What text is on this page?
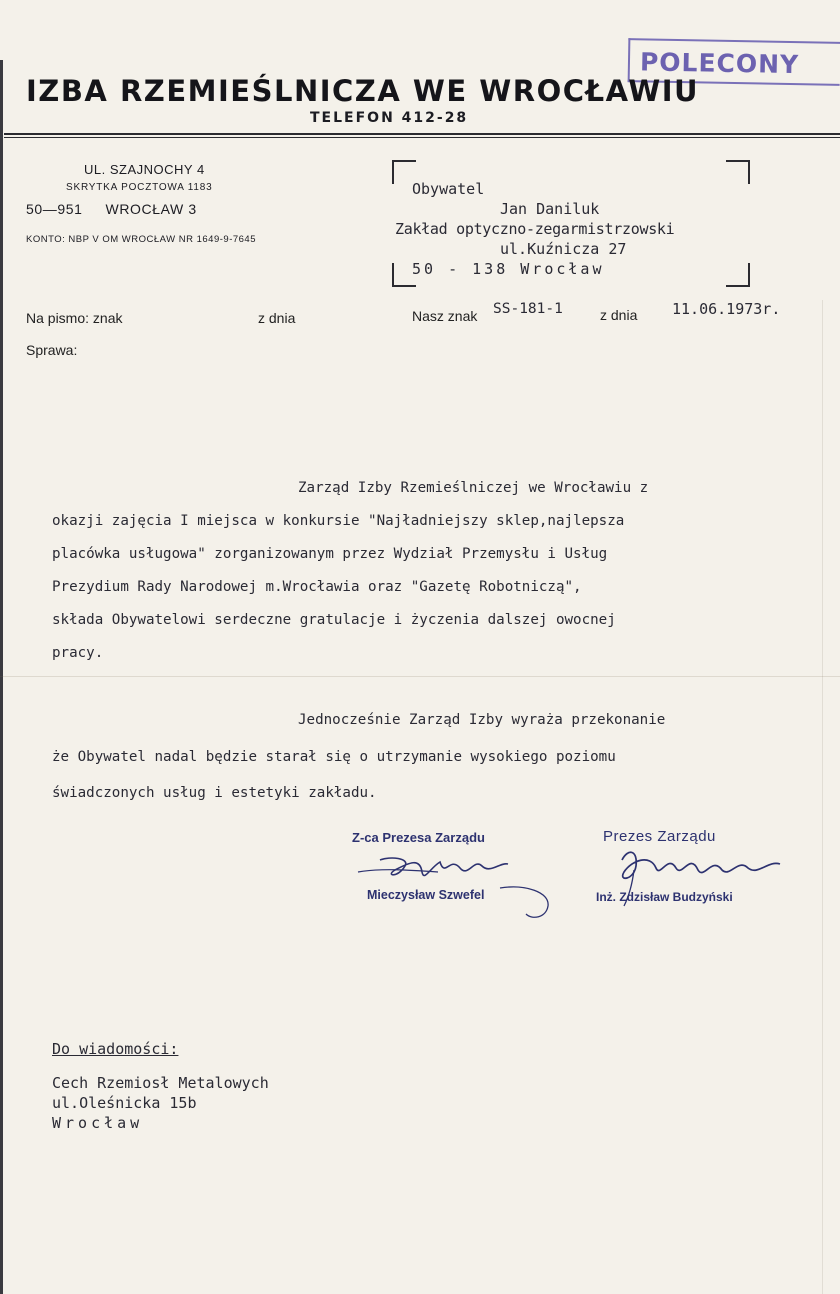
POLECONY
IZBA RZEMIEŚLNICZA WE WROCŁAWIU
TELEFON 412-28
UL. SZAJNOCHY 4
SKRYTKA POCZTOWA 1183
50—951 WROCŁAW 3
KONTO: NBP V OM WROCŁAW NR 1649-9-7645
Obywatel
Jan Daniluk
Zakład optyczno-zegarmistrzowski
ul.Kuźnicza 27
50 - 138 Wrocław
Na pismo: znak	z dnia	Nasz znak SS-181-1	z dnia 11.06.1973r.
Sprawa:
Zarząd Izby Rzemieślniczej we Wrocławiu z
okazji zajęcia I miejsca w konkursie "Najładniejszy sklep,najlepsza
placówka usługowa" zorganizowanym przez Wydział Przemysłu i Usług
Prezydium Rady Narodowej m.Wrocławia oraz "Gazetę Robotniczą",
składa Obywatelowi serdeczne gratulacje i życzenia dalszej owocnej
pracy.
Jednocześnie Zarząd Izby wyraża przekonanie
że Obywatel nadal będzie starał się o utrzymanie wysokiego poziomu
świadczonych usług i estetyki zakładu.
Z-ca Prezesa Zarządu
Mieczysław Szwefel
Prezes Zarządu
Inż. Zdzisław Budzyński
Do wiadomości:
Cech Rzemiosł Metalowych
ul.Oleśnicka 15b
Wrocław
